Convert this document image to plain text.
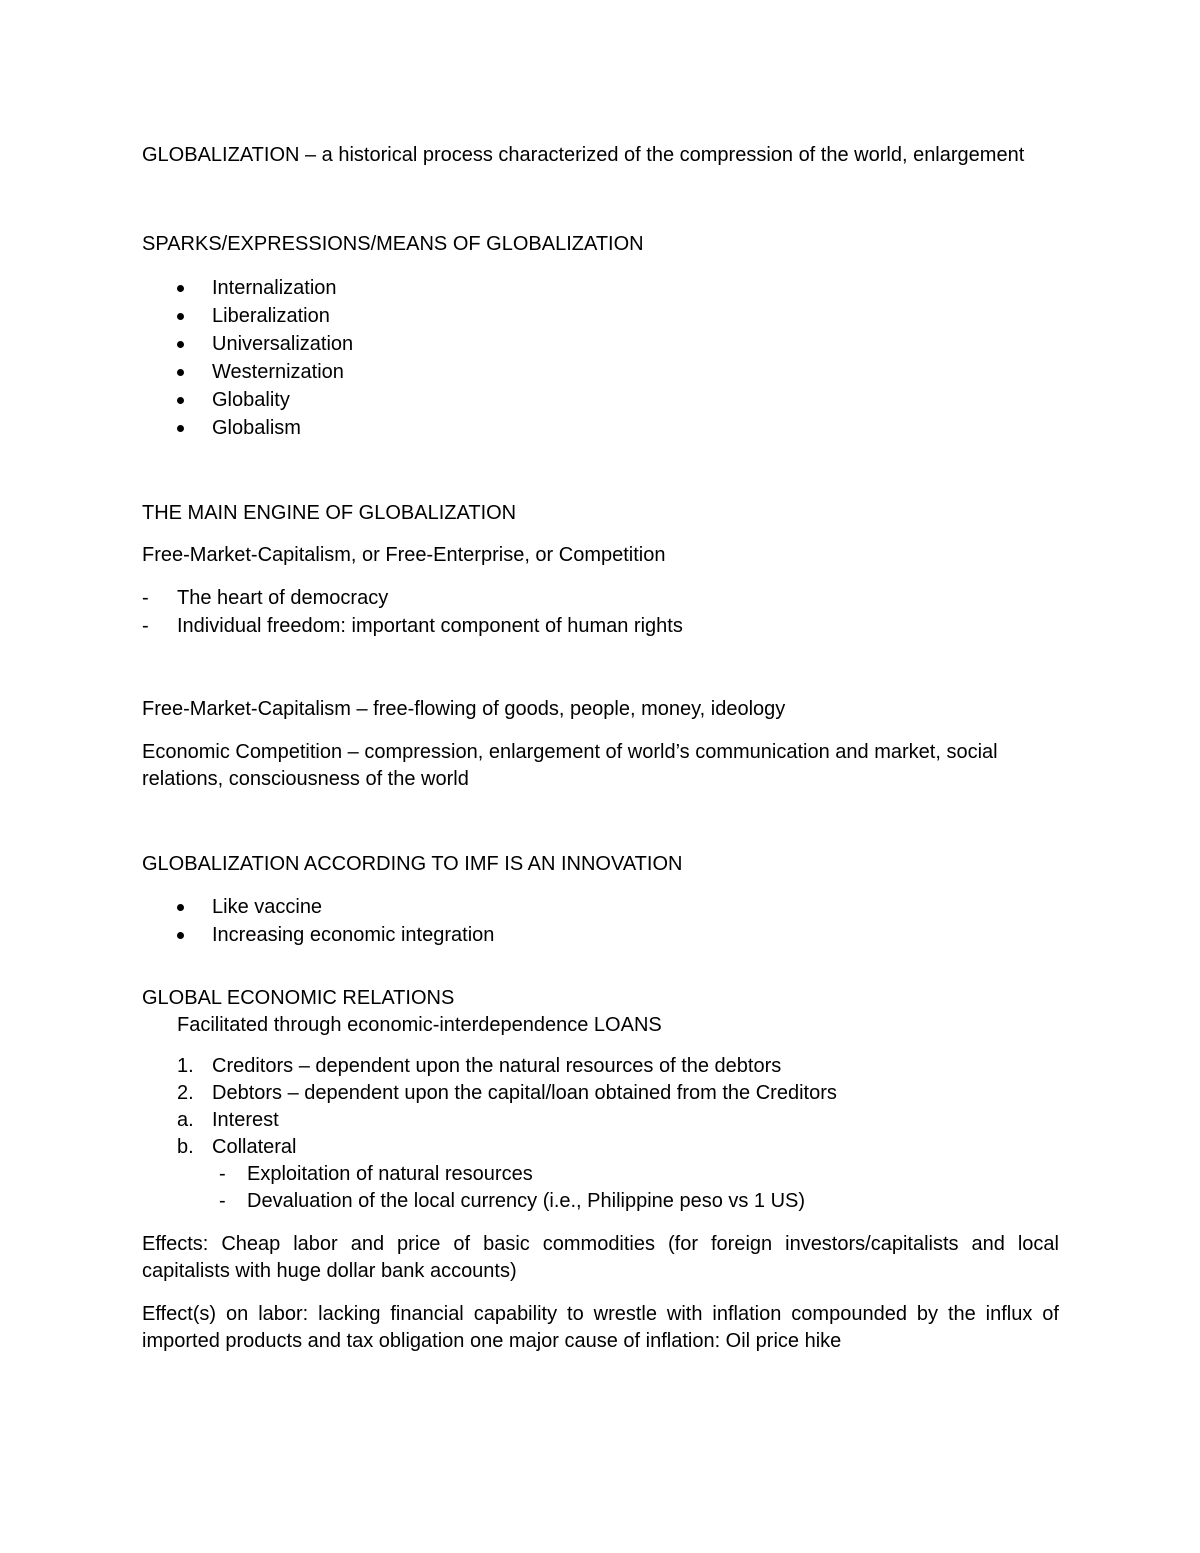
GLOBALIZATION – a historical process characterized of the compression of the world, enlargement

SPARKS/EXPRESSIONS/MEANS OF GLOBALIZATION

Internalization
Liberalization
Universalization
Westernization
Globality
Globalism

THE MAIN ENGINE OF GLOBALIZATION

Free-Market-Capitalism, or Free-Enterprise, or Competition

- The heart of democracy
- Individual freedom: important component of human rights

Free-Market-Capitalism – free-flowing of goods, people, money, ideology

Economic Competition – compression, enlargement of world’s communication and market, social relations, consciousness of the world

GLOBALIZATION ACCORDING TO IMF IS AN INNOVATION

Like vaccine
Increasing economic integration

GLOBAL ECONOMIC RELATIONS

Facilitated through economic-interdependence LOANS

1. Creditors – dependent upon the natural resources of the debtors
2. Debtors – dependent upon the capital/loan obtained from the Creditors
a. Interest
b. Collateral
- Exploitation of natural resources
- Devaluation of the local currency (i.e., Philippine peso vs 1 US)

Effects: Cheap labor and price of basic commodities (for foreign investors/capitalists and local capitalists with huge dollar bank accounts)

Effect(s) on labor: lacking financial capability to wrestle with inflation compounded by the influx of imported products and tax obligation one major cause of inflation: Oil price hike
